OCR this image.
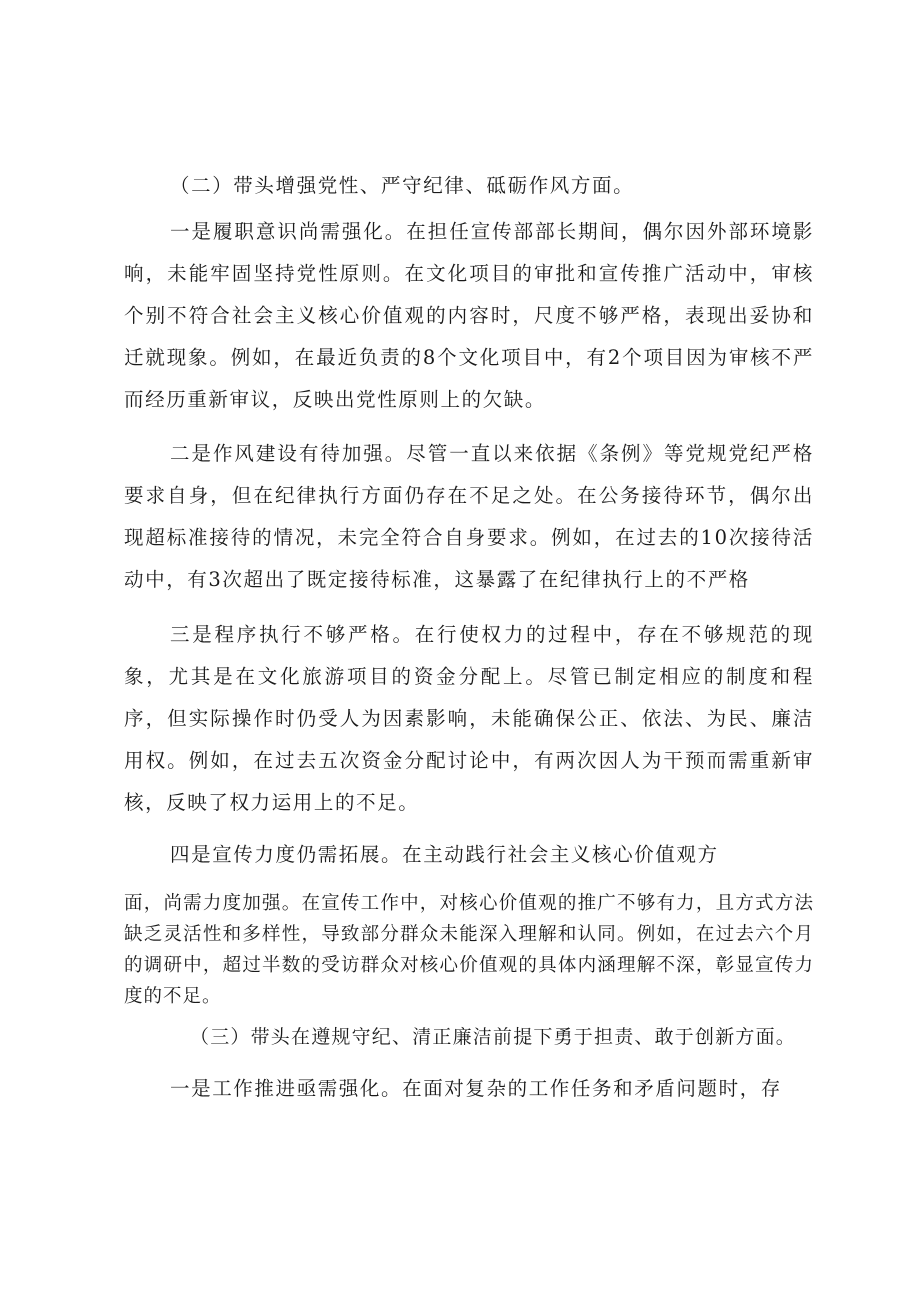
（二）带头增强党性、严守纪律、砥砺作风方面。

一是履职意识尚需强化。在担任宣传部部长期间，偶尔因外部环境影响，未能牢固坚持党性原则。在文化项目的审批和宣传推广活动中，审核个别不符合社会主义核心价值观的内容时，尺度不够严格，表现出妥协和迁就现象。例如，在最近负责的8个文化项目中，有2个项目因为审核不严而经历重新审议，反映出党性原则上的欠缺。

二是作风建设有待加强。尽管一直以来依据《条例》等党规党纪严格要求自身，但在纪律执行方面仍存在不足之处。在公务接待环节，偶尔出现超标准接待的情况，未完全符合自身要求。例如，在过去的10次接待活动中，有3次超出了既定接待标准，这暴露了在纪律执行上的不严格

三是程序执行不够严格。在行使权力的过程中，存在不够规范的现象，尤其是在文化旅游项目的资金分配上。尽管已制定相应的制度和程序，但实际操作时仍受人为因素影响，未能确保公正、依法、为民、廉洁用权。例如，在过去五次资金分配讨论中，有两次因人为干预而需重新审核，反映了权力运用上的不足。

四是宣传力度仍需拓展。在主动践行社会主义核心价值观方

面，尚需力度加强。在宣传工作中，对核心价值观的推广不够有力，且方式方法缺乏灵活性和多样性，导致部分群众未能深入理解和认同。例如，在过去六个月的调研中，超过半数的受访群众对核心价值观的具体内涵理解不深，彰显宣传力度的不足。

（三）带头在遵规守纪、清正廉洁前提下勇于担责、敢于创新方面。

一是工作推进亟需强化。在面对复杂的工作任务和矛盾问题时，存
